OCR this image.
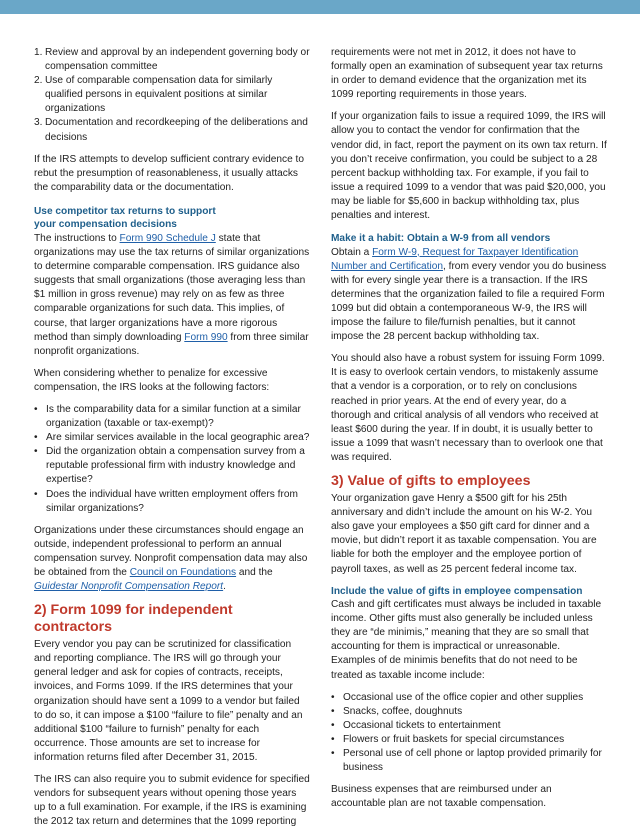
1. Review and approval by an independent governing body or compensation committee
2. Use of comparable compensation data for similarly qualified persons in equivalent positions at similar organizations
3. Documentation and recordkeeping of the deliberations and decisions

If the IRS attempts to develop sufficient contrary evidence to rebut the presumption of reasonableness, it usually attacks the comparability data or the documentation.

Use competitor tax returns to support your compensation decisions

The instructions to Form 990 Schedule J state that organizations may use the tax returns of similar organizations to determine comparable compensation. IRS guidance also suggests that small organizations (those averaging less than $1 million in gross revenue) may rely on as few as three comparable organizations for such data. This implies, of course, that larger organizations have a more rigorous method than simply downloading Form 990 from three similar nonprofit organizations.

When considering whether to penalize for excessive compensation, the IRS looks at the following factors:

• Is the comparability data for a similar function at a similar organization (taxable or tax-exempt)?
• Are similar services available in the local geographic area?
• Did the organization obtain a compensation survey from a reputable professional firm with industry knowledge and expertise?
• Does the individual have written employment offers from similar organizations?

Organizations under these circumstances should engage an outside, independent professional to perform an annual compensation survey. Nonprofit compensation data may also be obtained from the Council on Foundations and the Guidestar Nonprofit Compensation Report.

2) Form 1099 for independent contractors

Every vendor you pay can be scrutinized for classification and reporting compliance. The IRS will go through your general ledger and ask for copies of contracts, receipts, invoices, and Forms 1099. If the IRS determines that your organization should have sent a 1099 to a vendor but failed to do so, it can impose a $100 “failure to file” penalty and an additional $100 “failure to furnish” penalty for each occurrence. Those amounts are set to increase for information returns filed after December 31, 2015.

The IRS can also require you to submit evidence for specified vendors for subsequent years without opening those years up to a full examination. For example, if the IRS is examining the 2012 tax return and determines that the 1099 reporting

requirements were not met in 2012, it does not have to formally open an examination of subsequent year tax returns in order to demand evidence that the organization met its 1099 reporting requirements in those years.

If your organization fails to issue a required 1099, the IRS will allow you to contact the vendor for confirmation that the vendor did, in fact, report the payment on its own tax return. If you don’t receive confirmation, you could be subject to a 28 percent backup withholding tax. For example, if you fail to issue a required 1099 to a vendor that was paid $20,000, you may be liable for $5,600 in backup withholding tax, plus penalties and interest.

Make it a habit: Obtain a W-9 from all vendors

Obtain a Form W-9, Request for Taxpayer Identification Number and Certification, from every vendor you do business with for every single year there is a transaction. If the IRS determines that the organization failed to file a required Form 1099 but did obtain a contemporaneous W-9, the IRS will impose the failure to file/furnish penalties, but it cannot impose the 28 percent backup withholding tax.

You should also have a robust system for issuing Form 1099. It is easy to overlook certain vendors, to mistakenly assume that a vendor is a corporation, or to rely on conclusions reached in prior years. At the end of every year, do a thorough and critical analysis of all vendors who received at least $600 during the year. If in doubt, it is usually better to issue a 1099 that wasn’t necessary than to overlook one that was required.

3) Value of gifts to employees

Your organization gave Henry a $500 gift for his 25th anniversary and didn’t include the amount on his W-2. You also gave your employees a $50 gift card for dinner and a movie, but didn’t report it as taxable compensation. You are liable for both the employer and the employee portion of payroll taxes, as well as 25 percent federal income tax.

Include the value of gifts in employee compensation

Cash and gift certificates must always be included in taxable income. Other gifts must also generally be included unless they are “de minimis,” meaning that they are so small that accounting for them is impractical or unreasonable. Examples of de minimis benefits that do not need to be treated as taxable income include:

• Occasional use of the office copier and other supplies
• Snacks, coffee, doughnuts
• Occasional tickets to entertainment
• Flowers or fruit baskets for special circumstances
• Personal use of cell phone or laptop provided primarily for business

Business expenses that are reimbursed under an accountable plan are not taxable compensation.
